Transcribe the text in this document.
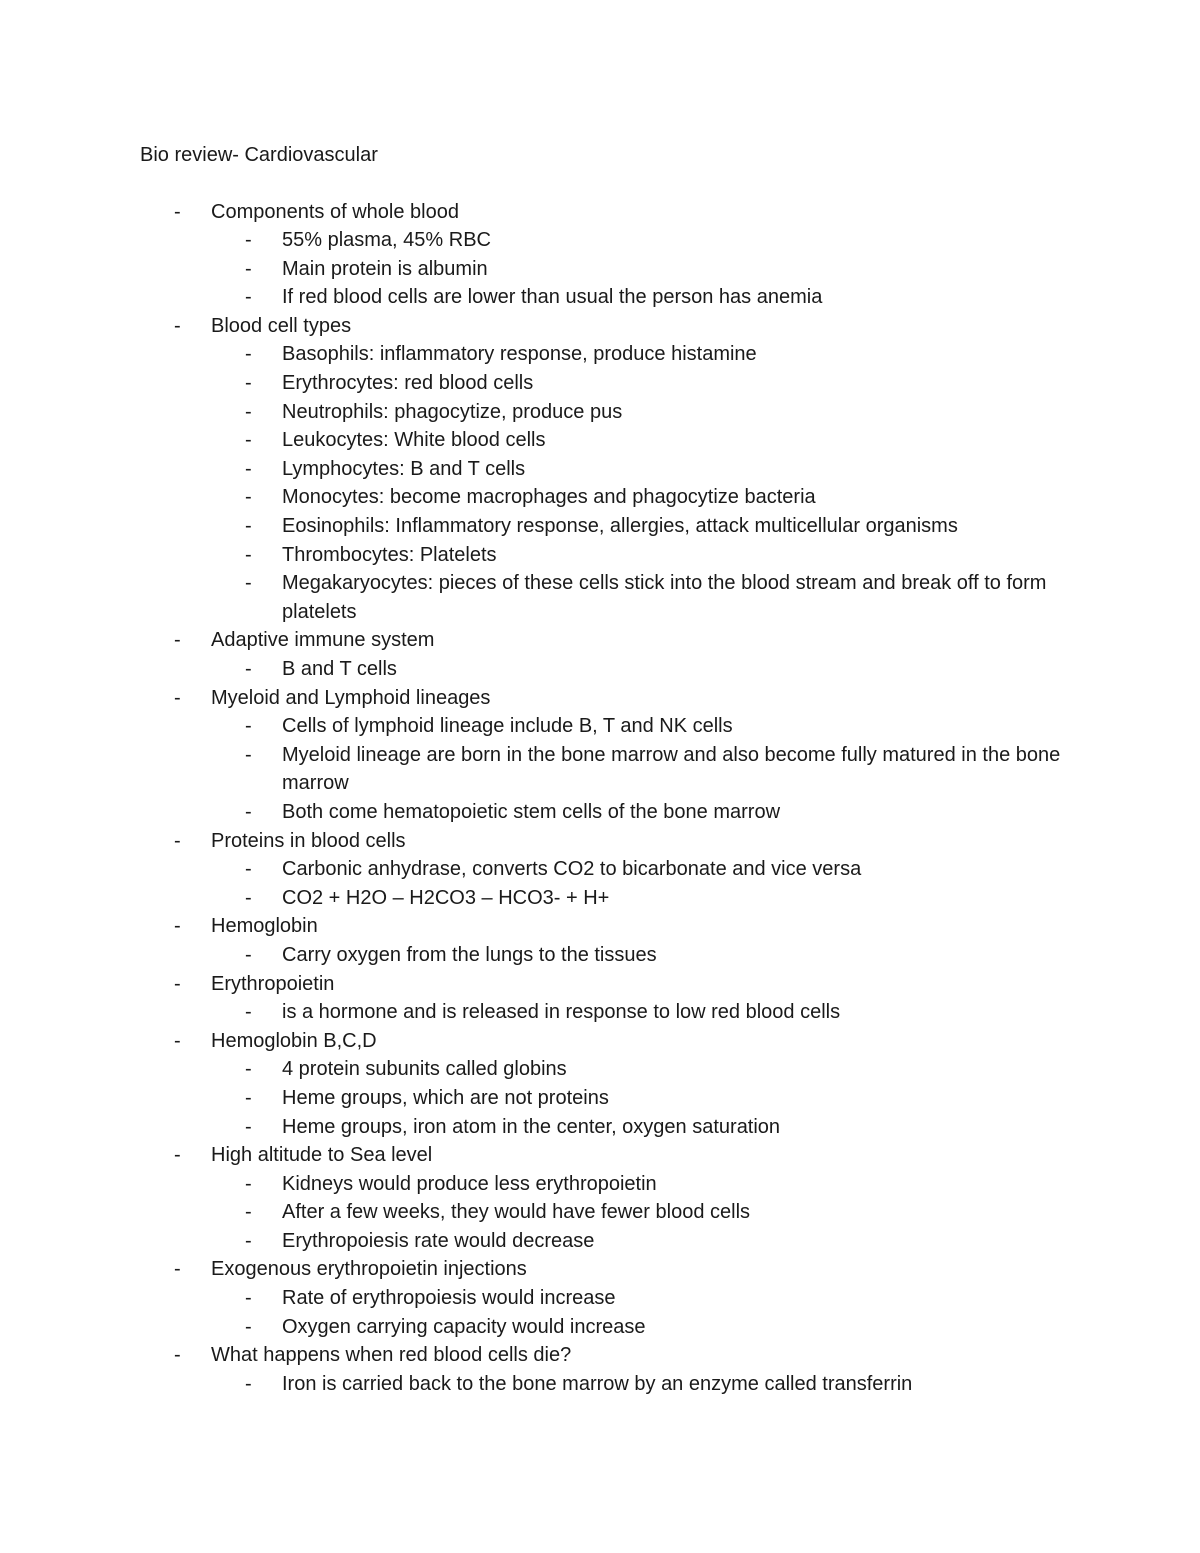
Bio review- Cardiovascular
- Components of whole blood
- 55% plasma, 45% RBC
- Main protein is albumin
- If red blood cells are lower than usual the person has anemia
- Blood cell types
- Basophils: inflammatory response, produce histamine
- Erythrocytes: red blood cells
- Neutrophils: phagocytize, produce pus
- Leukocytes: White blood cells
- Lymphocytes: B and T cells
- Monocytes: become macrophages and phagocytize bacteria
- Eosinophils: Inflammatory response, allergies, attack multicellular organisms
- Thrombocytes: Platelets
- Megakaryocytes: pieces of these cells stick into the blood stream and break off to form platelets
- Adaptive immune system
- B and T cells
- Myeloid and Lymphoid lineages
- Cells of lymphoid lineage include B, T and NK cells
- Myeloid lineage are born in the bone marrow and also become fully matured in the bone marrow
- Both come hematopoietic stem cells of the bone marrow
- Proteins in blood cells
- Carbonic anhydrase, converts CO2 to bicarbonate and vice versa
- CO2 + H2O – H2CO3 – HCO3- + H+
- Hemoglobin
- Carry oxygen from the lungs to the tissues
- Erythropoietin
- is a hormone and is released in response to low red blood cells
- Hemoglobin B,C,D
- 4 protein subunits called globins
- Heme groups, which are not proteins
- Heme groups, iron atom in the center, oxygen saturation
- High altitude to Sea level
- Kidneys would produce less erythropoietin
- After a few weeks, they would have fewer blood cells
- Erythropoiesis rate would decrease
- Exogenous erythropoietin injections
- Rate of erythropoiesis would increase
- Oxygen carrying capacity would increase
- What happens when red blood cells die?
- Iron is carried back to the bone marrow by an enzyme called transferrin
